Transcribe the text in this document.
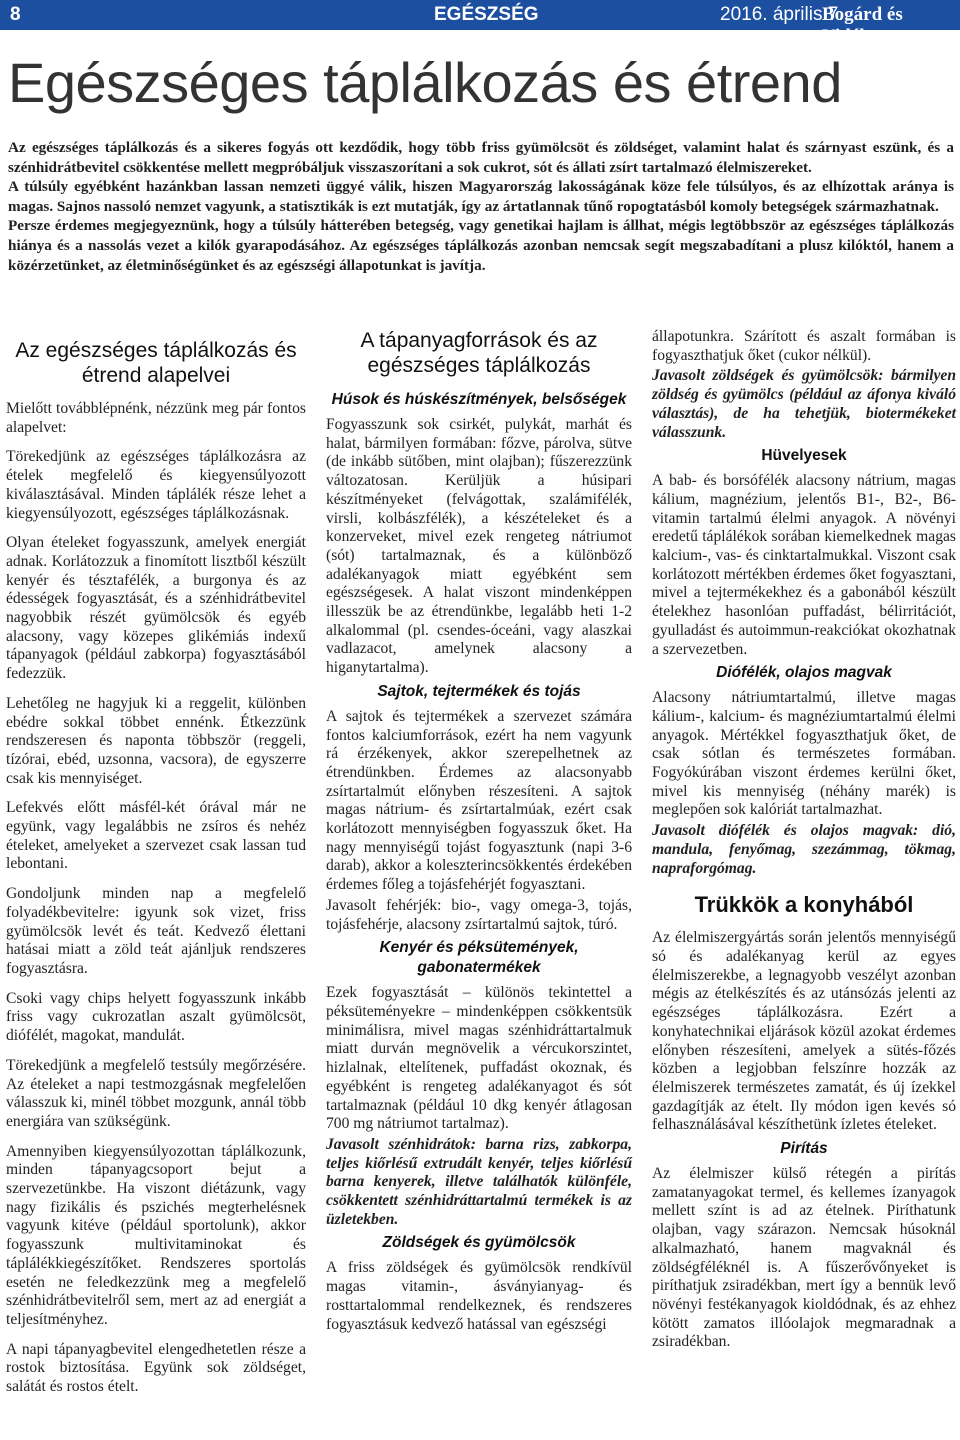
8	EGÉSZSÉG	2016. április 7.
Bogárd és Vidéke
Egészséges táplálkozás és étrend

Az egészséges táplálkozás és a sikeres fogyás ott kezdődik, hogy több friss gyümölcsöt és zöldséget, valamint halat és szárnyast eszünk, és a szénhidrátbevitel csökkentése mellett megpróbáljuk visszaszorítani a sok cukrot, sót és állati zsírt tartalmazó élelmiszereket.

A túlsúly egyébként hazánkban lassan nemzeti üggyé válik, hiszen Magyarország lakosságának köze fele túlsúlyos, és az elhízottak aránya is magas. Sajnos nassoló nemzet vagyunk, a statisztikák is ezt mutatják, így az ártatlannak tűnő ropogtatásból komoly betegségek származhatnak.

Persze érdemes megjegyeznünk, hogy a túlsúly hátterében betegség, vagy genetikai hajlam is állhat, mégis legtöbbször az egészséges táplálkozás hiánya és a nassolás vezet a kilók gyarapodásához. Az egészséges táplálkozás azonban nemcsak segít megszabadítani a plusz kilóktól, hanem a közérzetünket, az életminőségünket és az egészségi állapotunkat is javítja.

Az egészséges táplálkozás és étrend alapelvei

Mielőtt továbblépnénk, nézzünk meg pár fontos alapelvet:

Törekedjünk az egészséges táplálkozásra az ételek megfelelő és kiegyensúlyozott kiválasztásával. Minden táplálék része lehet a kiegyensúlyozott, egészséges táplálkozásnak.

Olyan ételeket fogyasszunk, amelyek energiát adnak. Korlátozzuk a finomított lisztből készült kenyér és tésztafélék, a burgonya és az édességek fogyasztását, és a szénhidrátbevitel nagyobbik részét gyümölcsök és egyéb alacsony, vagy közepes glikémiás indexű tápanyagok (például zabkorpa) fogyasztásából fedezzük.

Lehetőleg ne hagyjuk ki a reggelit, különben ebédre sokkal többet ennénk. Étkezzünk rendszeresen és naponta többször (reggeli, tízórai, ebéd, uzsonna, vacsora), de egyszerre csak kis mennyiséget.

Lefekvés előtt másfél-két órával már ne együnk, vagy legalábbis ne zsíros és nehéz ételeket, amelyeket a szervezet csak lassan tud lebontani.

Gondoljunk minden nap a megfelelő folyadékbevitelre: igyunk sok vizet, friss gyümölcsök levét és teát. Kedvező élettani hatásai miatt a zöld teát ajánljuk rendszeres fogyasztásra.

Csoki vagy chips helyett fogyasszunk inkább friss vagy cukrozatlan aszalt gyümölcsöt, diófélét, magokat, mandulát.

Törekedjünk a megfelelő testsúly megőrzésére. Az ételeket a napi testmozgásnak megfelelően válasszuk ki, minél többet mozgunk, annál több energiára van szükségünk.

Amennyiben kiegyensúlyozottan táplálkozunk, minden tápanyagcsoport bejut a szervezetünkbe. Ha viszont diétázunk, vagy nagy fizikális és pszichés megterhelésnek vagyunk kitéve (például sportolunk), akkor fogyasszunk multivitaminokat és táplálékkiegészítőket. Rendszeres sportolás esetén ne feledkezzünk meg a megfelelő szénhidrátbevitelről sem, mert az ad energiát a teljesítményhez.

A napi tápanyagbevitel elengedhetetlen része a rostok biztosítása. Együnk sok zöldséget, salátát és rostos ételt.

A tápanyagforrások és az egészséges táplálkozás
Húsok és húskészítmények, belsőségek

Fogyasszunk sok csirkét, pulykát, marhát és halat, bármilyen formában: főzve, párolva, sütve (de inkább sütőben, mint olajban); fűszerezzünk változatosan. Kerüljük a húsipari készítményeket (felvágottak, szalámifélék, virsli, kolbászfélék), a készételeket és a konzerveket, mivel ezek rengeteg nátriumot (sót) tartalmaznak, és a különböző adalékanyagok miatt egyébként sem egészségesek. A halat viszont mindenképpen illesszük be az étrendünkbe, legalább heti 1-2 alkalommal (pl. csendes-óceáni, vagy alaszkai vadlazacot, amelynek alacsony a higanytartalma).

Sajtok, tejtermékek és tojás

A sajtok és tejtermékek a szervezet számára fontos kalciumforrások, ezért ha nem vagyunk rá érzékenyek, akkor szerepelhetnek az étrendünkben. Érdemes az alacsonyabb zsírtartalmút előnyben részesíteni. A sajtok magas nátrium- és zsírtartalmúak, ezért csak korlátozott mennyiségben fogyasszuk őket. Ha nagy mennyiségű tojást fogyasztunk (napi 3-6 darab), akkor a koleszterincsökkentés érdekében érdemes főleg a tojásfehérjét fogyasztani.

Javasolt fehérjék: bio-, vagy omega-3, tojás, tojásfehérje, alacsony zsírtartalmú sajtok, túró.

Kenyér és péksütemények, gabonatermékek

Ezek fogyasztását – különös tekintettel a péksüteményekre – mindenképpen csökkentsük minimálisra, mivel magas szénhidráttartalmuk miatt durván megnövelik a vércukorszintet, hizlalnak, eltelítenek, puffadást okoznak, és egyébként is rengeteg adalékanyagot és sót tartalmaznak (például 10 dkg kenyér átlagosan 700 mg nátriumot tartalmaz).

Javasolt szénhidrátok: barna rizs, zabkorpa, teljes kiőrlésű extrudált kenyér, teljes kiőrlésű barna kenyerek, illetve találhatók különféle, csökkentett szénhidráttartalmú termékek is az üzletekben.

Zöldségek és gyümölcsök

A friss zöldségek és gyümölcsök rendkívül magas vitamin-, ásványianyag- és rosttartalommal rendelkeznek, és rendszeres fogyasztásuk kedvező hatással van egészségi

állapotunkra. Szárított és aszalt formában is fogyaszthatjuk őket (cukor nélkül).

Javasolt zöldségek és gyümölcsök: bármilyen zöldség és gyümölcs (például az áfonya kiváló választás), de ha tehetjük, biotermékeket válasszunk.

Hüvelyesek

A bab- és borsófélék alacsony nátrium, magas kálium, magnézium, jelentős B1-, B2-, B6-vitamin tartalmú élelmi anyagok. A növényi eredetű táplálékok sorában kiemelkednek magas kalcium-, vas- és cinktartalmukkal. Viszont csak korlátozott mértékben érdemes őket fogyasztani, mivel a tejtermékekhez és a gabonából készült ételekhez hasonlóan puffadást, bélirritációt, gyulladást és autoimmun-reakciókat okozhatnak a szervezetben.

Diófélék, olajos magvak

Alacsony nátriumtartalmú, illetve magas kálium-, kalcium- és magnéziumtartalmú élelmi anyagok. Mértékkel fogyaszthatjuk őket, de csak sótlan és természetes formában. Fogyókúrában viszont érdemes kerülni őket, mivel kis mennyiség (néhány marék) is meglepően sok kalóriát tartalmazhat.

Javasolt diófélék és olajos magvak: dió, mandula, fenyőmag, szezámmag, tökmag, napraforgómag.

Trükkök a konyhából

Az élelmiszergyártás során jelentős mennyiségű só és adalékanyag kerül az egyes élelmiszerekbe, a legnagyobb veszélyt azonban mégis az ételkészítés és az utánsózás jelenti az egészséges táplálkozásra. Ezért a konyhatechnikai eljárások közül azokat érdemes előnyben részesíteni, amelyek a sütés-főzés közben a legjobban felszínre hozzák az élelmiszerek természetes zamatát, és új ízekkel gazdagítják az ételt. Ily módon igen kevés só felhasználásával készíthetünk ízletes ételeket.

Pirítás

Az élelmiszer külső rétegén a pirítás zamatanyagokat termel, és kellemes ízanyagok mellett színt is ad az ételnek. Piríthatunk olajban, vagy szárazon. Nemcsak húsoknál alkalmazható, hanem magvaknál és zöldségféléknél is. A fűszerővőnyeket is piríthatjuk zsiradékban, mert így a bennük levő növényi festékanyagok kioldódnak, és az ehhez kötött zamatos illóolajok megmaradnak a zsiradékban.
